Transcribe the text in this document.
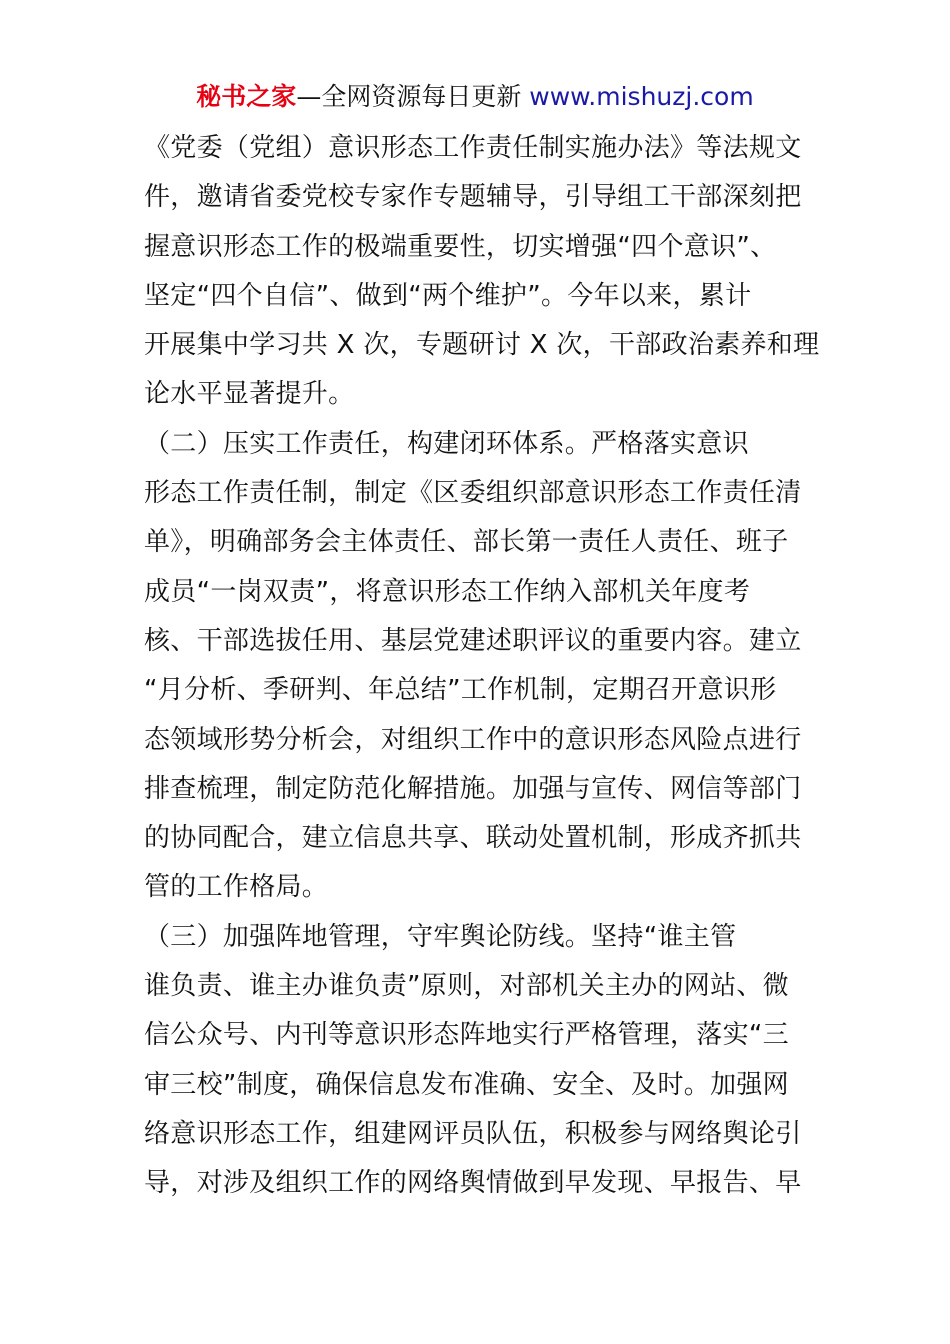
秘书之家—全网资源每日更新 www.mishuzj.com
《党委（党组）意识形态工作责任制实施办法》等法规文
件，邀请省委党校专家作专题辅导，引导组工干部深刻把
握意识形态工作的极端重要性，切实增强“四个意识”、
坚定“四个自信”、做到“两个维护”。今年以来，累计
开展集中学习共 X 次，专题研讨 X 次，干部政治素养和理
论水平显著提升。
（二）压实工作责任，构建闭环体系。严格落实意识
形态工作责任制，制定《区委组织部意识形态工作责任清
单》，明确部务会主体责任、部长第一责任人责任、班子
成员“一岗双责”，将意识形态工作纳入部机关年度考
核、干部选拔任用、基层党建述职评议的重要内容。建立
“月分析、季研判、年总结”工作机制，定期召开意识形
态领域形势分析会，对组织工作中的意识形态风险点进行
排查梳理，制定防范化解措施。加强与宣传、网信等部门
的协同配合，建立信息共享、联动处置机制，形成齐抓共
管的工作格局。
（三）加强阵地管理，守牢舆论防线。坚持“谁主管
谁负责、谁主办谁负责”原则，对部机关主办的网站、微
信公众号、内刊等意识形态阵地实行严格管理，落实“三
审三校”制度，确保信息发布准确、安全、及时。加强网
络意识形态工作，组建网评员队伍，积极参与网络舆论引
导，对涉及组织工作的网络舆情做到早发现、早报告、早
